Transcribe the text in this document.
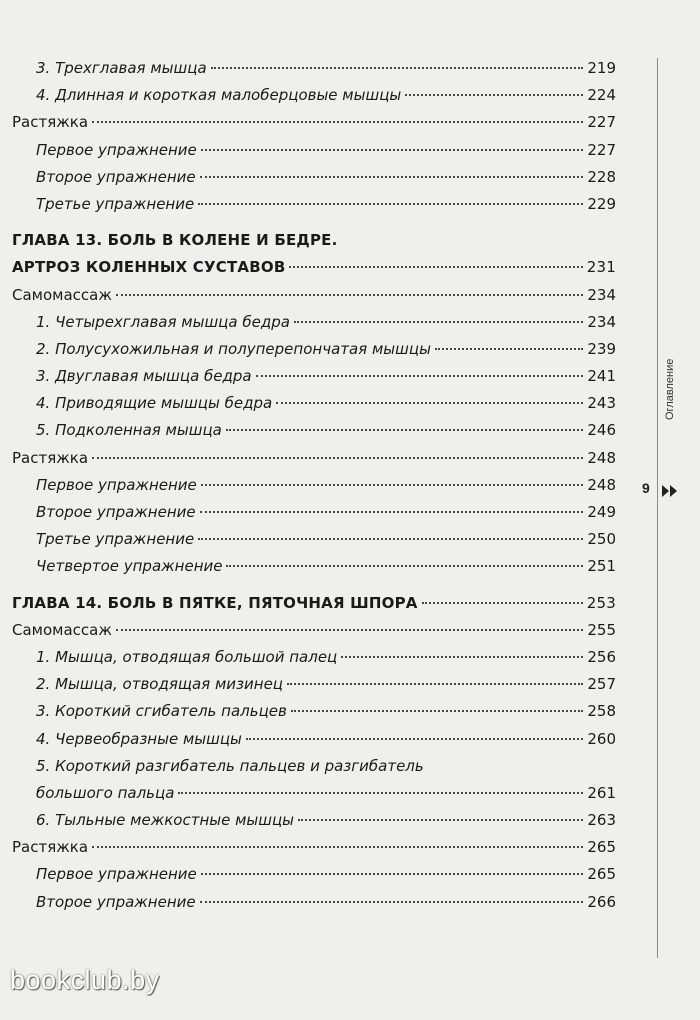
3. Трехглавая мышца	219
4. Длинная и короткая малоберцовые мышцы	224
Растяжка	227
Первое упражнение	227
Второе упражнение	228
Третье упражнение	229
ГЛАВА 13. БОЛЬ В КОЛЕНЕ И БЕДРЕ.
АРТРОЗ КОЛЕННЫХ СУСТАВОВ	231
Самомассаж	234
1. Четырехглавая мышца бедра	234
2. Полусухожильная и полуперепончатая мышцы	239
3. Двуглавая мышца бедра	241
4. Приводящие мышцы бедра	243
5. Подколенная мышца	246
Растяжка	248
Первое упражнение	248
Второе упражнение	249
Третье упражнение	250
Четвертое упражнение	251
ГЛАВА 14. БОЛЬ В ПЯТКЕ, ПЯТОЧНАЯ ШПОРА	253
Самомассаж	255
1. Мышца, отводящая большой палец	256
2. Мышца, отводящая мизинец	257
3. Короткий сгибатель пальцев	258
4. Червеобразные мышцы	260
5. Короткий разгибатель пальцев и разгибатель
большого пальца	261
6. Тыльные межкостные мышцы	263
Растяжка	265
Первое упражнение	265
Второе упражнение	266
Оглавление
9
bookclub.by
